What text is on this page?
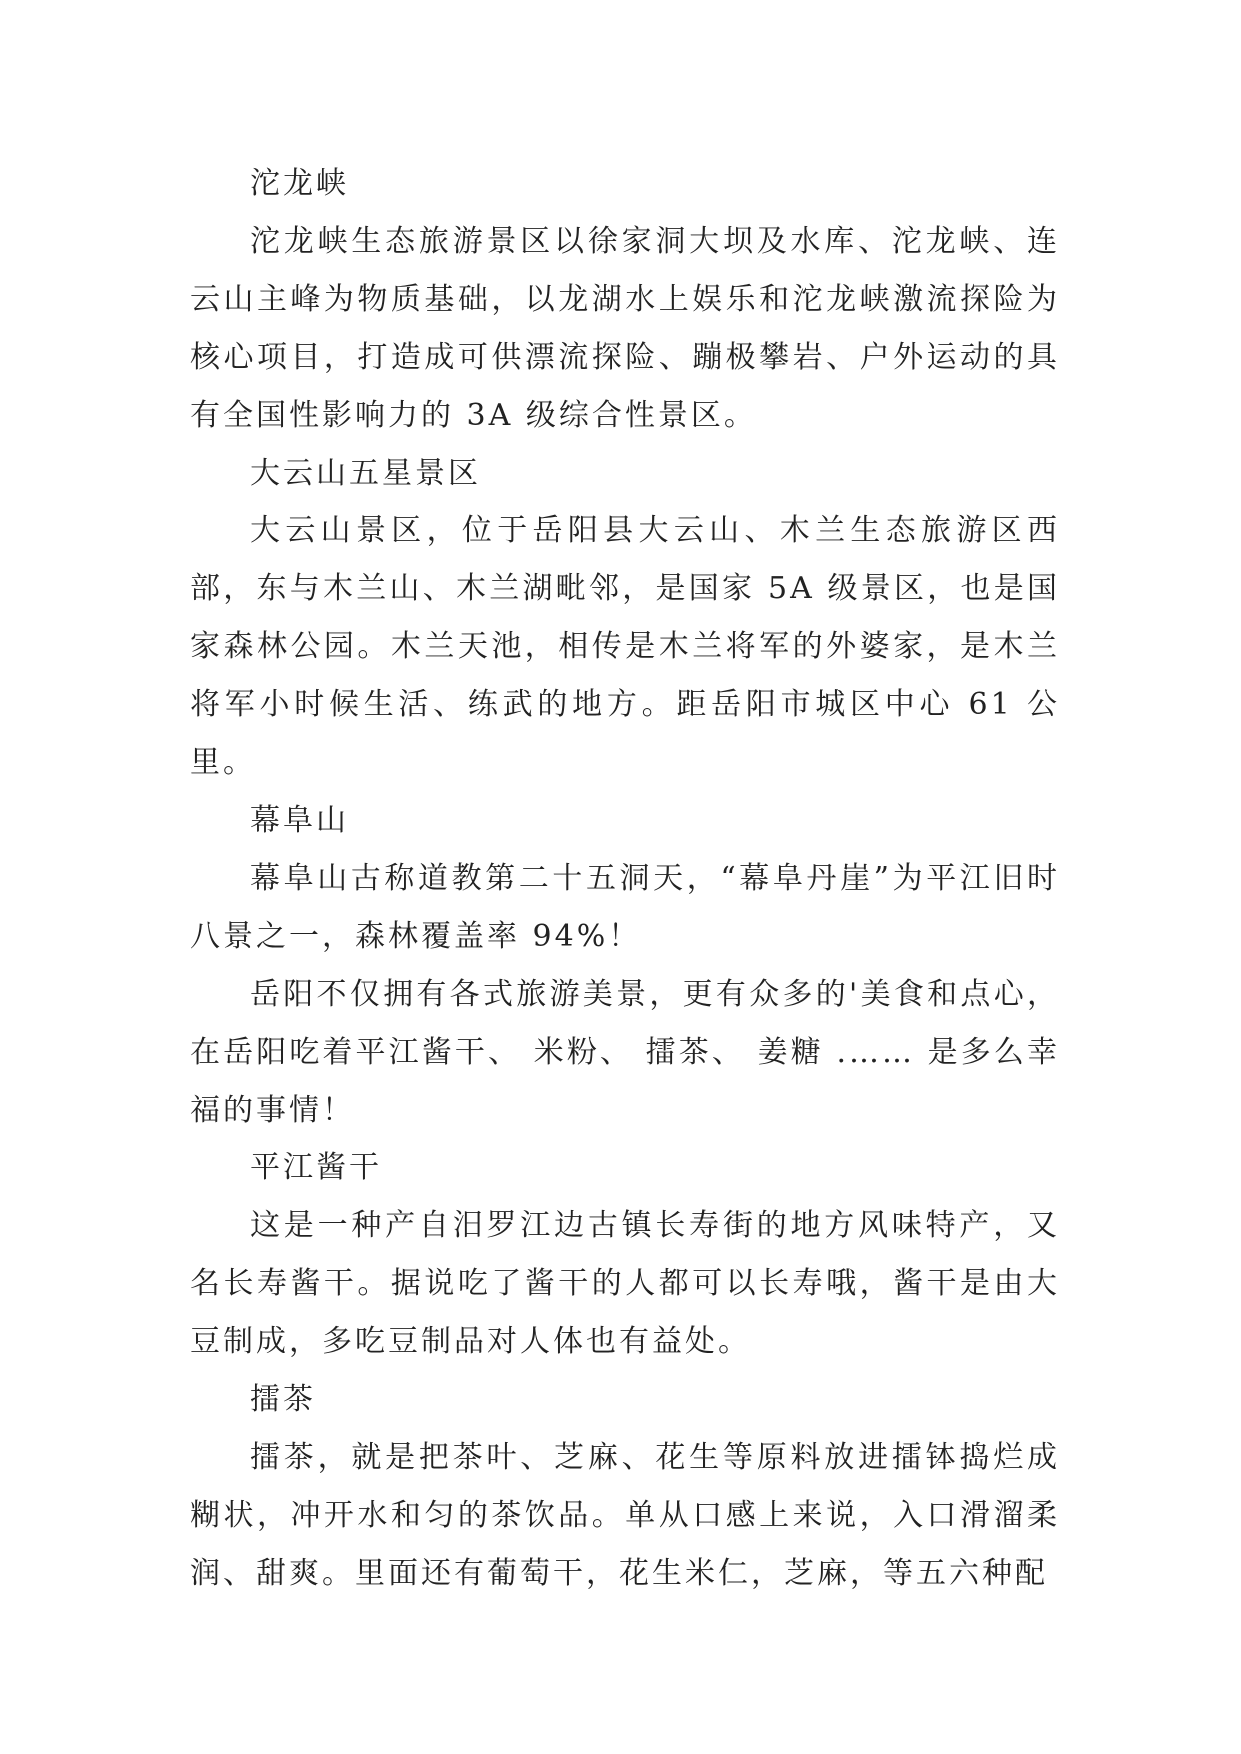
沱龙峡

沱龙峡生态旅游景区以徐家洞大坝及水库、沱龙峡、连云山主峰为物质基础，以龙湖水上娱乐和沱龙峡激流探险为核心项目，打造成可供漂流探险、蹦极攀岩、户外运动的具有全国性影响力的 3A 级综合性景区。

大云山五星景区

大云山景区，位于岳阳县大云山、木兰生态旅游区西部，东与木兰山、木兰湖毗邻，是国家 5A 级景区，也是国家森林公园。木兰天池，相传是木兰将军的外婆家，是木兰将军小时候生活、练武的地方。距岳阳市城区中心 61 公里。

幕阜山

幕阜山古称道教第二十五洞天，“幕阜丹崖”为平江旧时八景之一，森林覆盖率 94%！

岳阳不仅拥有各式旅游美景，更有众多的'美食和点心，在岳阳吃着平江酱干、 米粉、 擂茶、 姜糖 .…… 是多么幸福的事情！

平江酱干

这是一种产自汨罗江边古镇长寿街的地方风味特产，又名长寿酱干。据说吃了酱干的人都可以长寿哦，酱干是由大豆制成，多吃豆制品对人体也有益处。

擂茶

擂茶，就是把茶叶、芝麻、花生等原料放进擂钵捣烂成糊状，冲开水和匀的茶饮品。单从口感上来说，入口滑溜柔润、甜爽。里面还有葡萄干，花生米仁，芝麻，等五六种配
